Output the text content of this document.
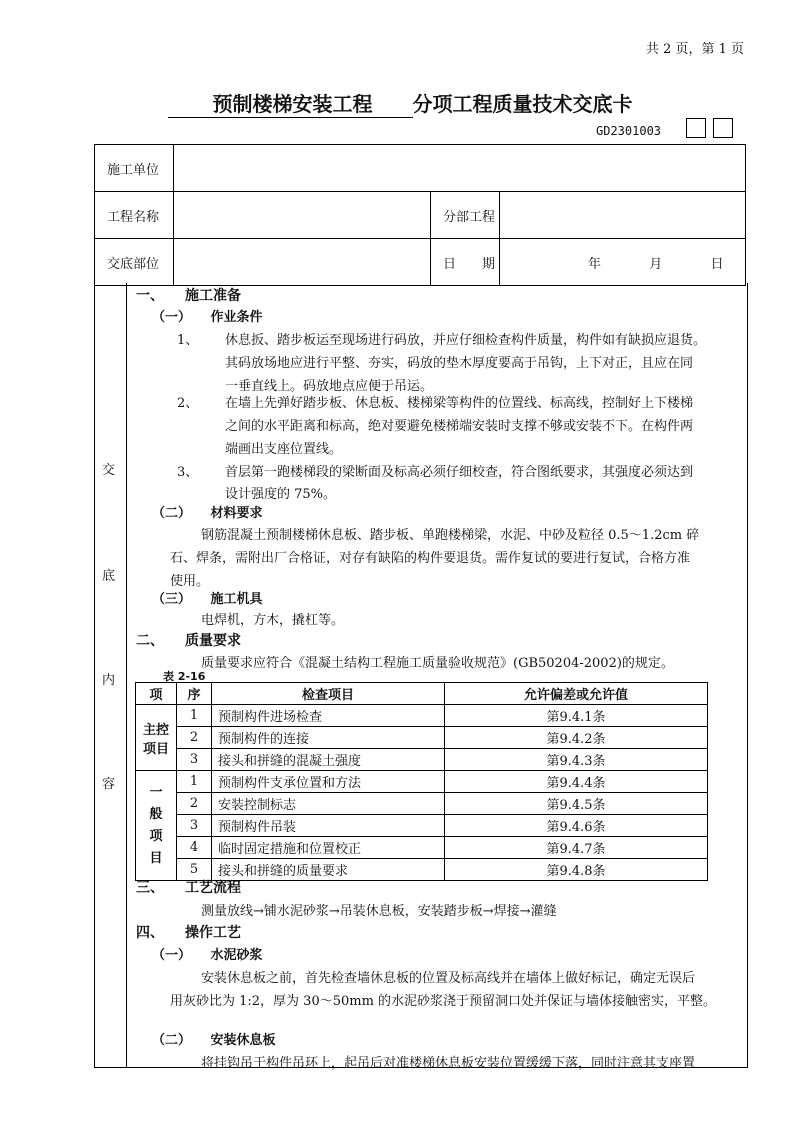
共 2 页，第 1 页
预制楼梯安装工程 分项工程质量技术交底卡
GD2301003
施工单位			
工程名称		分部工程	
交底部位		日　　期	年 月 日
交
底
内
容
一、　　施工准备
（一）　　作业条件
1、 休息扳、踏步板运至现场进行码放，并应仔细检查构件质量，构件如有缺损应退货。
其码放场地应进行平整、夯实，码放的垫木厚度要高于吊钩，上下对正，且应在同
一垂直线上。码放地点应便于吊运。
2、 在墙上先弹好踏步板、休息板、楼梯梁等构件的位置线、标高线，控制好上下楼梯
之间的水平距离和标高，绝对要避免楼梯端安装时支撑不够或安装不下。在构件两
端画出支座位置线。
3、 首层第一跑楼梯段的梁断面及标高必须仔细校查，符合图纸要求，其强度必须达到
设计强度的 75%。
（二）　　材料要求
钢筋混凝土预制楼梯休息板、踏步板、单跑楼梯梁，水泥、中砂及粒径 0.5～1.2cm 碎
石、焊条，需附出厂合格证，对存有缺陷的构件要退货。需作复试的要进行复试，合格方准
使用。
（三）　　施工机具
电焊机，方木，撬杠等。
二、　　质量要求
质量要求应符合《混凝土结构工程施工质量验收规范》(GB50204-2002)的规定。
表 2-16
项	序	检查项目	允许偏差或允许值
主控项目	1	预制构件进场检查	第9.4.1条
	2	预制构件的连接	第9.4.2条
	3	接头和拼缝的混凝土强度	第9.4.3条
一般项目	1	预制构件支承位置和方法	第9.4.4条
	2	安装控制标志	第9.4.5条
	3	预制构件吊装	第9.4.6条
	4	临时固定措施和位置校正	第9.4.7条
	5	接头和拼缝的质量要求	第9.4.8条
三、　　工艺流程
测量放线→铺水泥砂浆→吊装休息板，安装踏步板→焊接→灌缝
四、　　操作工艺
（一）　　水泥砂浆
安装休息板之前，首先检查墙休息板的位置及标高线并在墙体上做好标记，确定无误后
用灰砂比为 1:2，厚为 30～50mm 的水泥砂浆浇于预留洞口处并保证与墙体接触密实，平整。
（二）　　安装休息板
将挂钩吊于构件吊环上，起吊后对准楼梯休息板安装位置缓缓下落，同时注意其支座置
